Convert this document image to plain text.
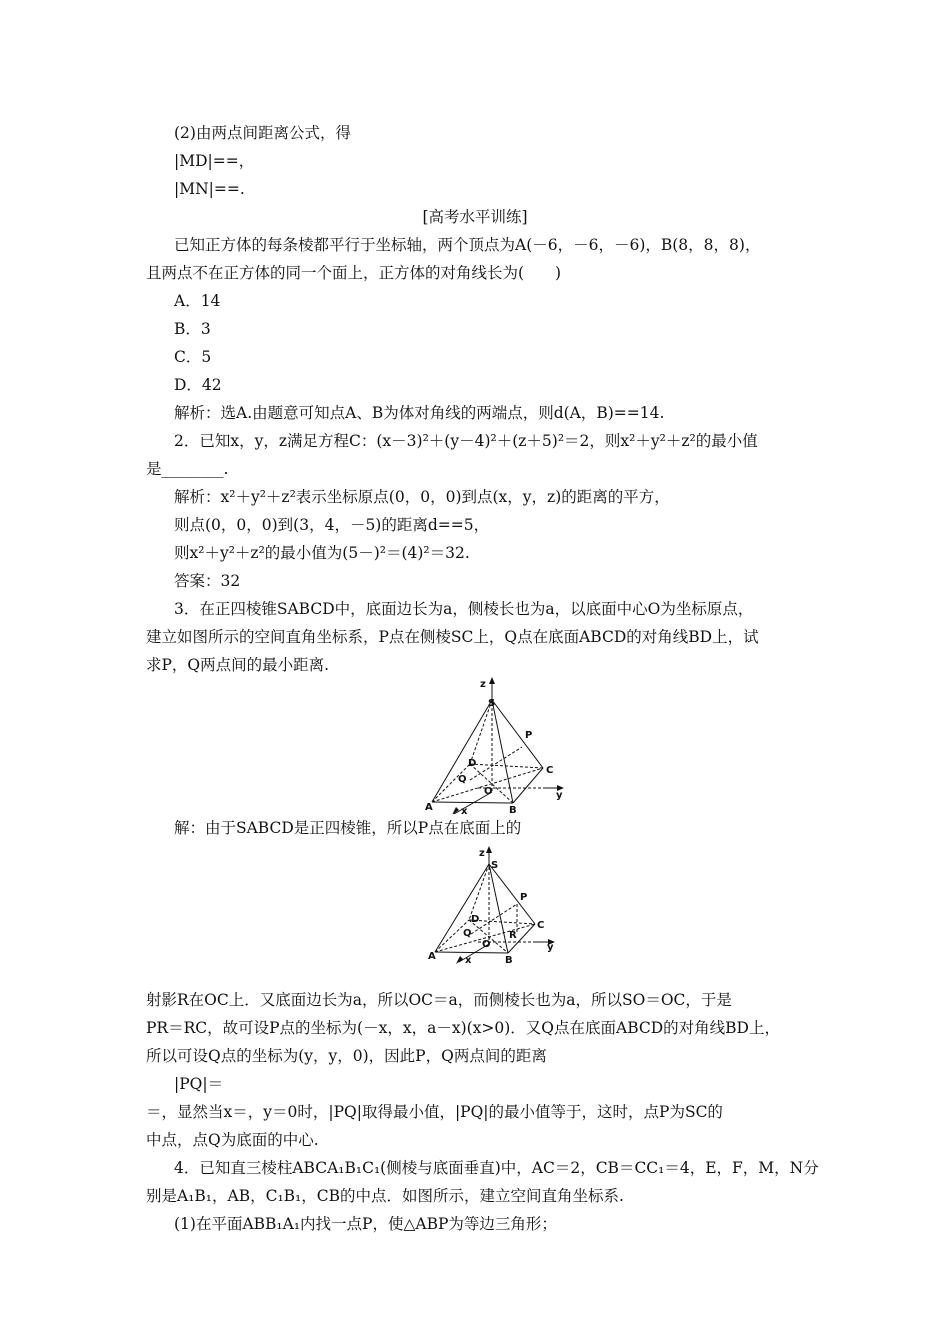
(2)由两点间距离公式，得
|MD|==，
|MN|==.
[高考水平训练]
已知正方体的每条棱都平行于坐标轴，两个顶点为A(－6，－6，－6)，B(8，8，8)，
且两点不在正方体的同一个面上，正方体的对角线长为(　　)
A．14
B．3
C．5
D．42
解析：选A.由题意可知点A、B为体对角线的两端点，则d(A，B)==14.
2．已知x，y，z满足方程C：(x－3)²＋(y－4)²＋(z＋5)²＝2，则x²＋y²＋z²的最小值
是________.
解析：x²＋y²＋z²表示坐标原点(0，0，0)到点(x，y，z)的距离的平方，
则点(0，0，0)到(3，4，－5)的距离d==5，
则x²＋y²＋z²的最小值为(5－)²＝(4)²＝32.
答案：32
3．在正四棱锥SABCD中，底面边长为a，侧棱长也为a，以底面中心O为坐标原点，
建立如图所示的空间直角坐标系，P点在侧棱SC上，Q点在底面ABCD的对角线BD上，试
求P，Q两点间的最小距离.
z
S
P
D
C
Q
O
A	B
x
y
解：由于SABCD是正四棱锥，所以P点在底面上的
z
S
P
D
C
Q
O
R
A	B
x
y
射影R在OC上．又底面边长为a，所以OC＝a，而侧棱长也为a，所以SO＝OC，于是
PR＝RC，故可设P点的坐标为(－x，x，a－x)(x>0)．又Q点在底面ABCD的对角线BD上，
所以可设Q点的坐标为(y，y，0)，因此P，Q两点间的距离
|PQ|＝
＝，显然当x＝，y＝0时，|PQ|取得最小值，|PQ|的最小值等于，这时，点P为SC的
中点，点Q为底面的中心.
4．已知直三棱柱ABCA₁B₁C₁(侧棱与底面垂直)中，AC＝2，CB＝CC₁＝4，E，F，M，N分
别是A₁B₁，AB，C₁B₁，CB的中点．如图所示，建立空间直角坐标系.
(1)在平面ABB₁A₁内找一点P，使△ABP为等边三角形；
